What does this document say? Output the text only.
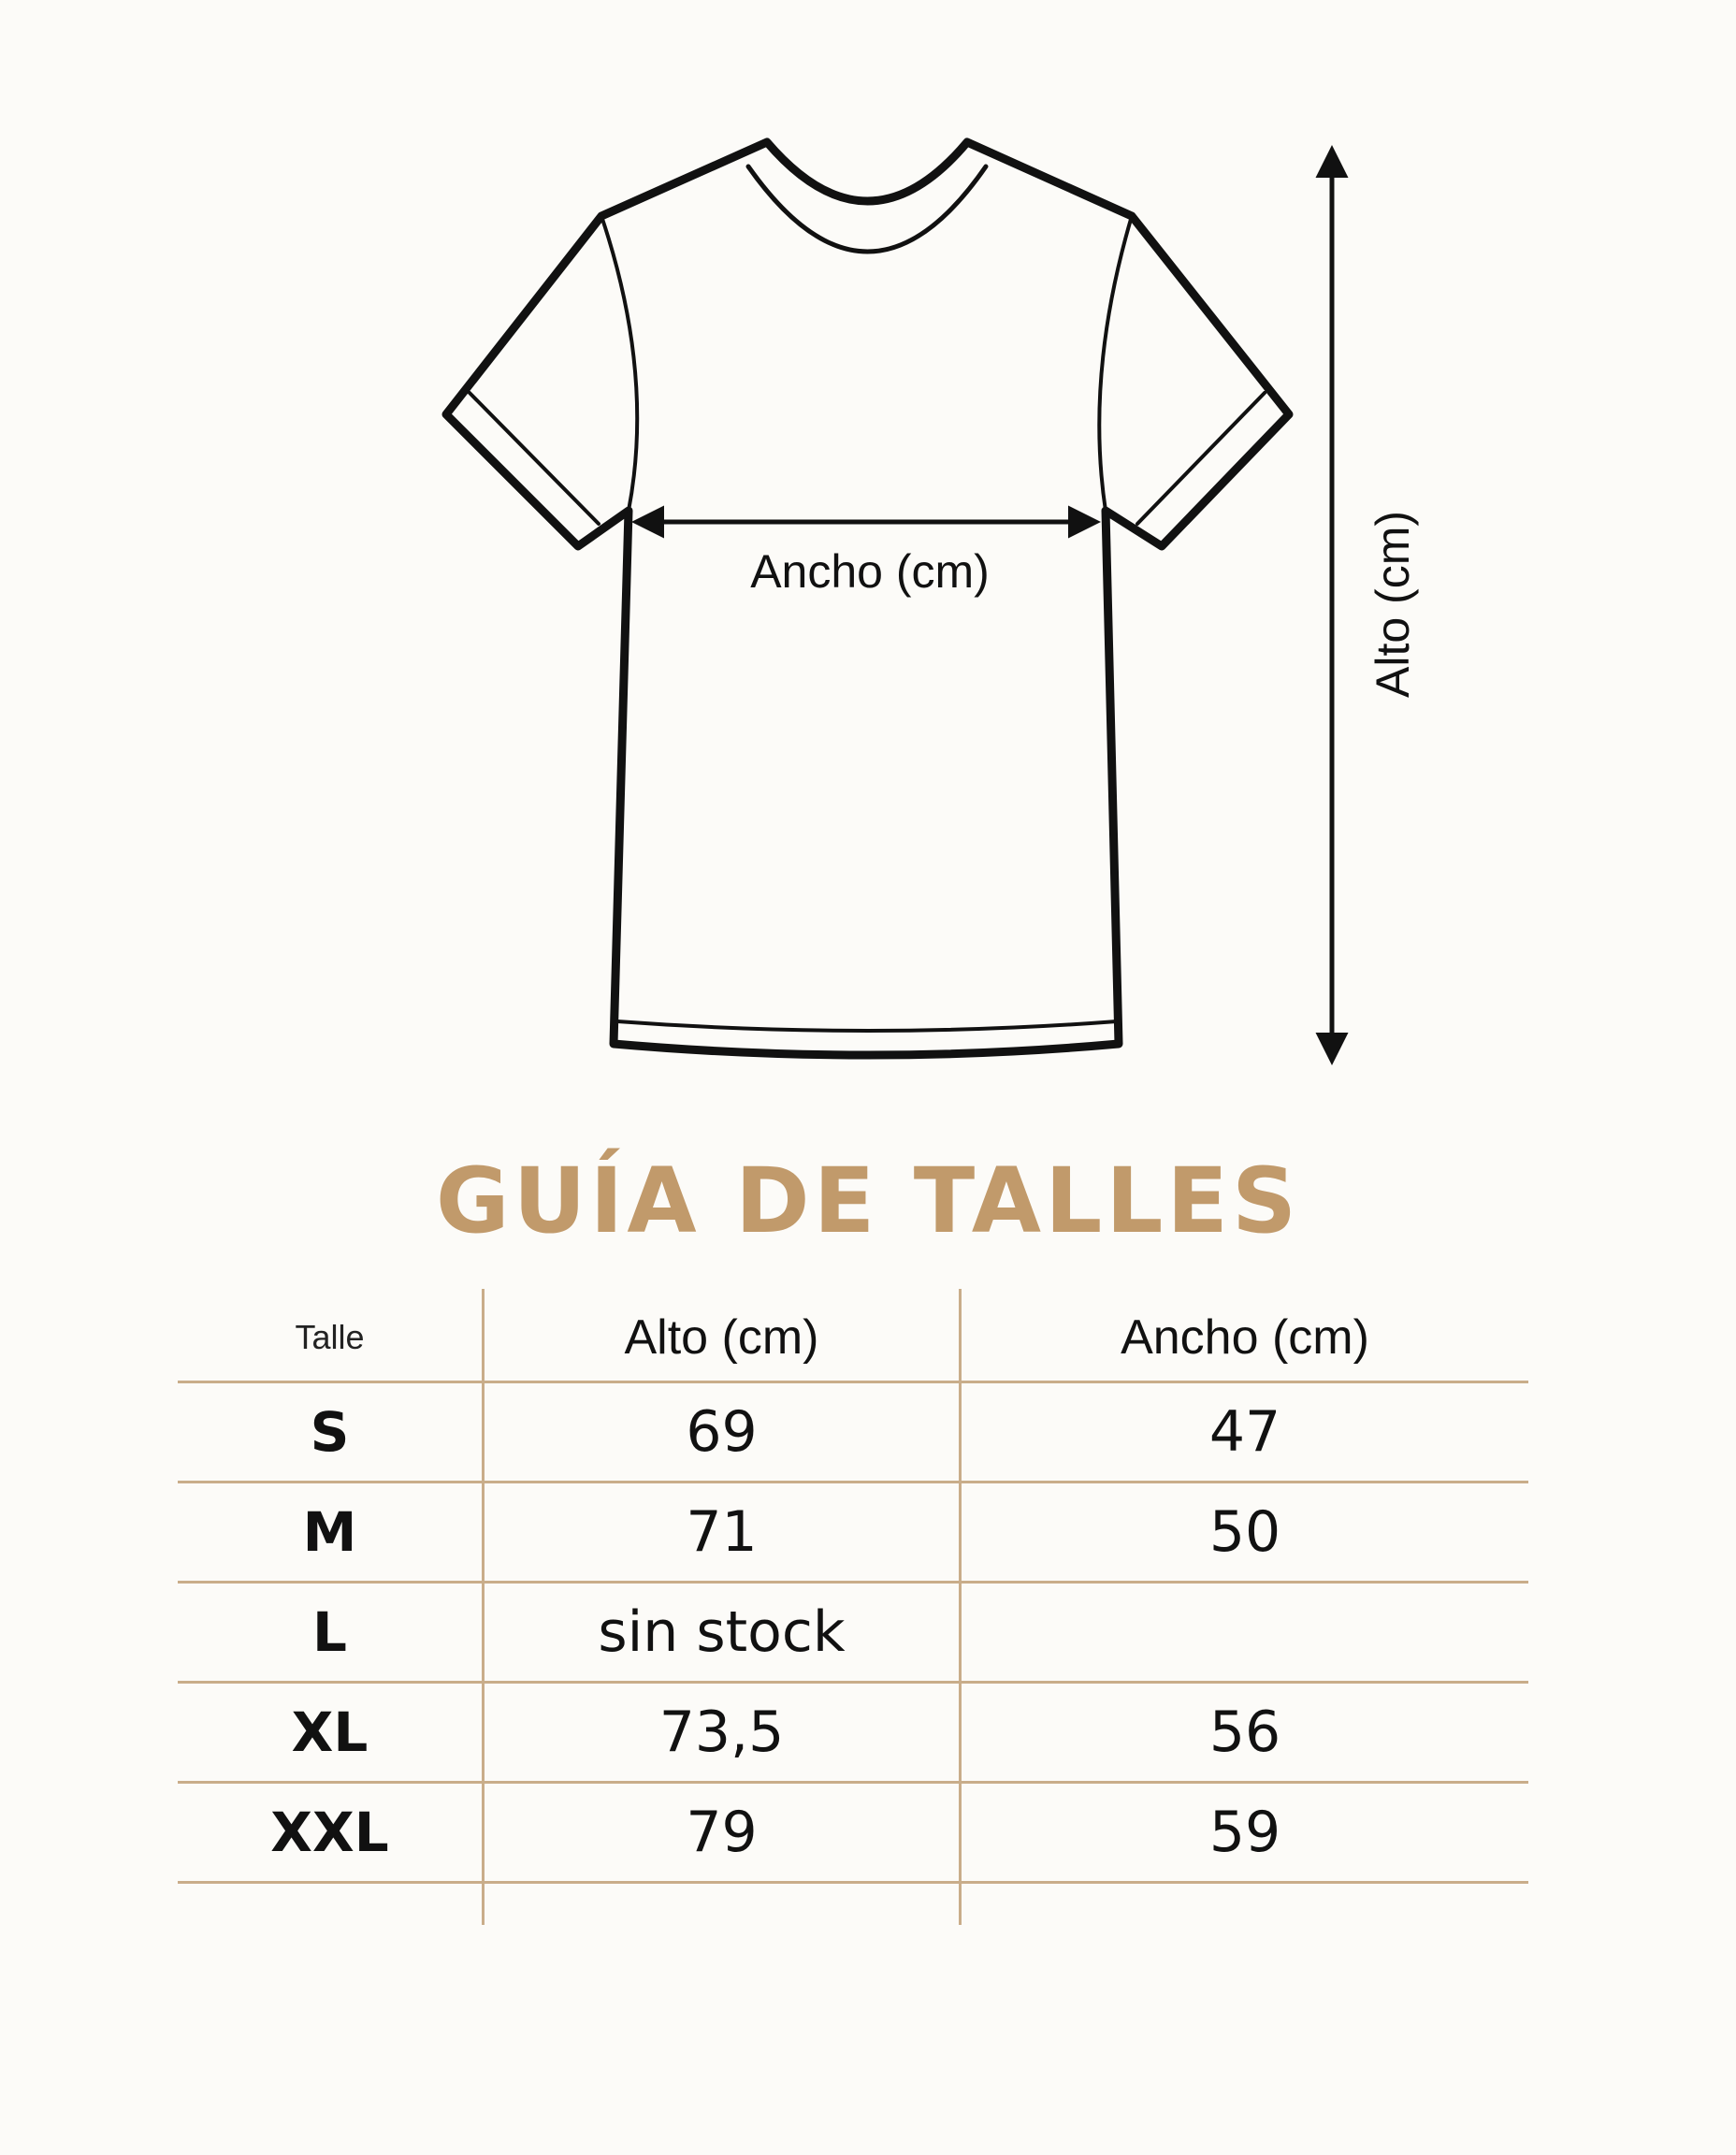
Ancho (cm)	Alto (cm)
GUÍA DE TALLES
Talle	Alto (cm)	Ancho (cm)
S	69	47
M	71	50
L	sin stock
XL	73,5	56
XXL	79	59
